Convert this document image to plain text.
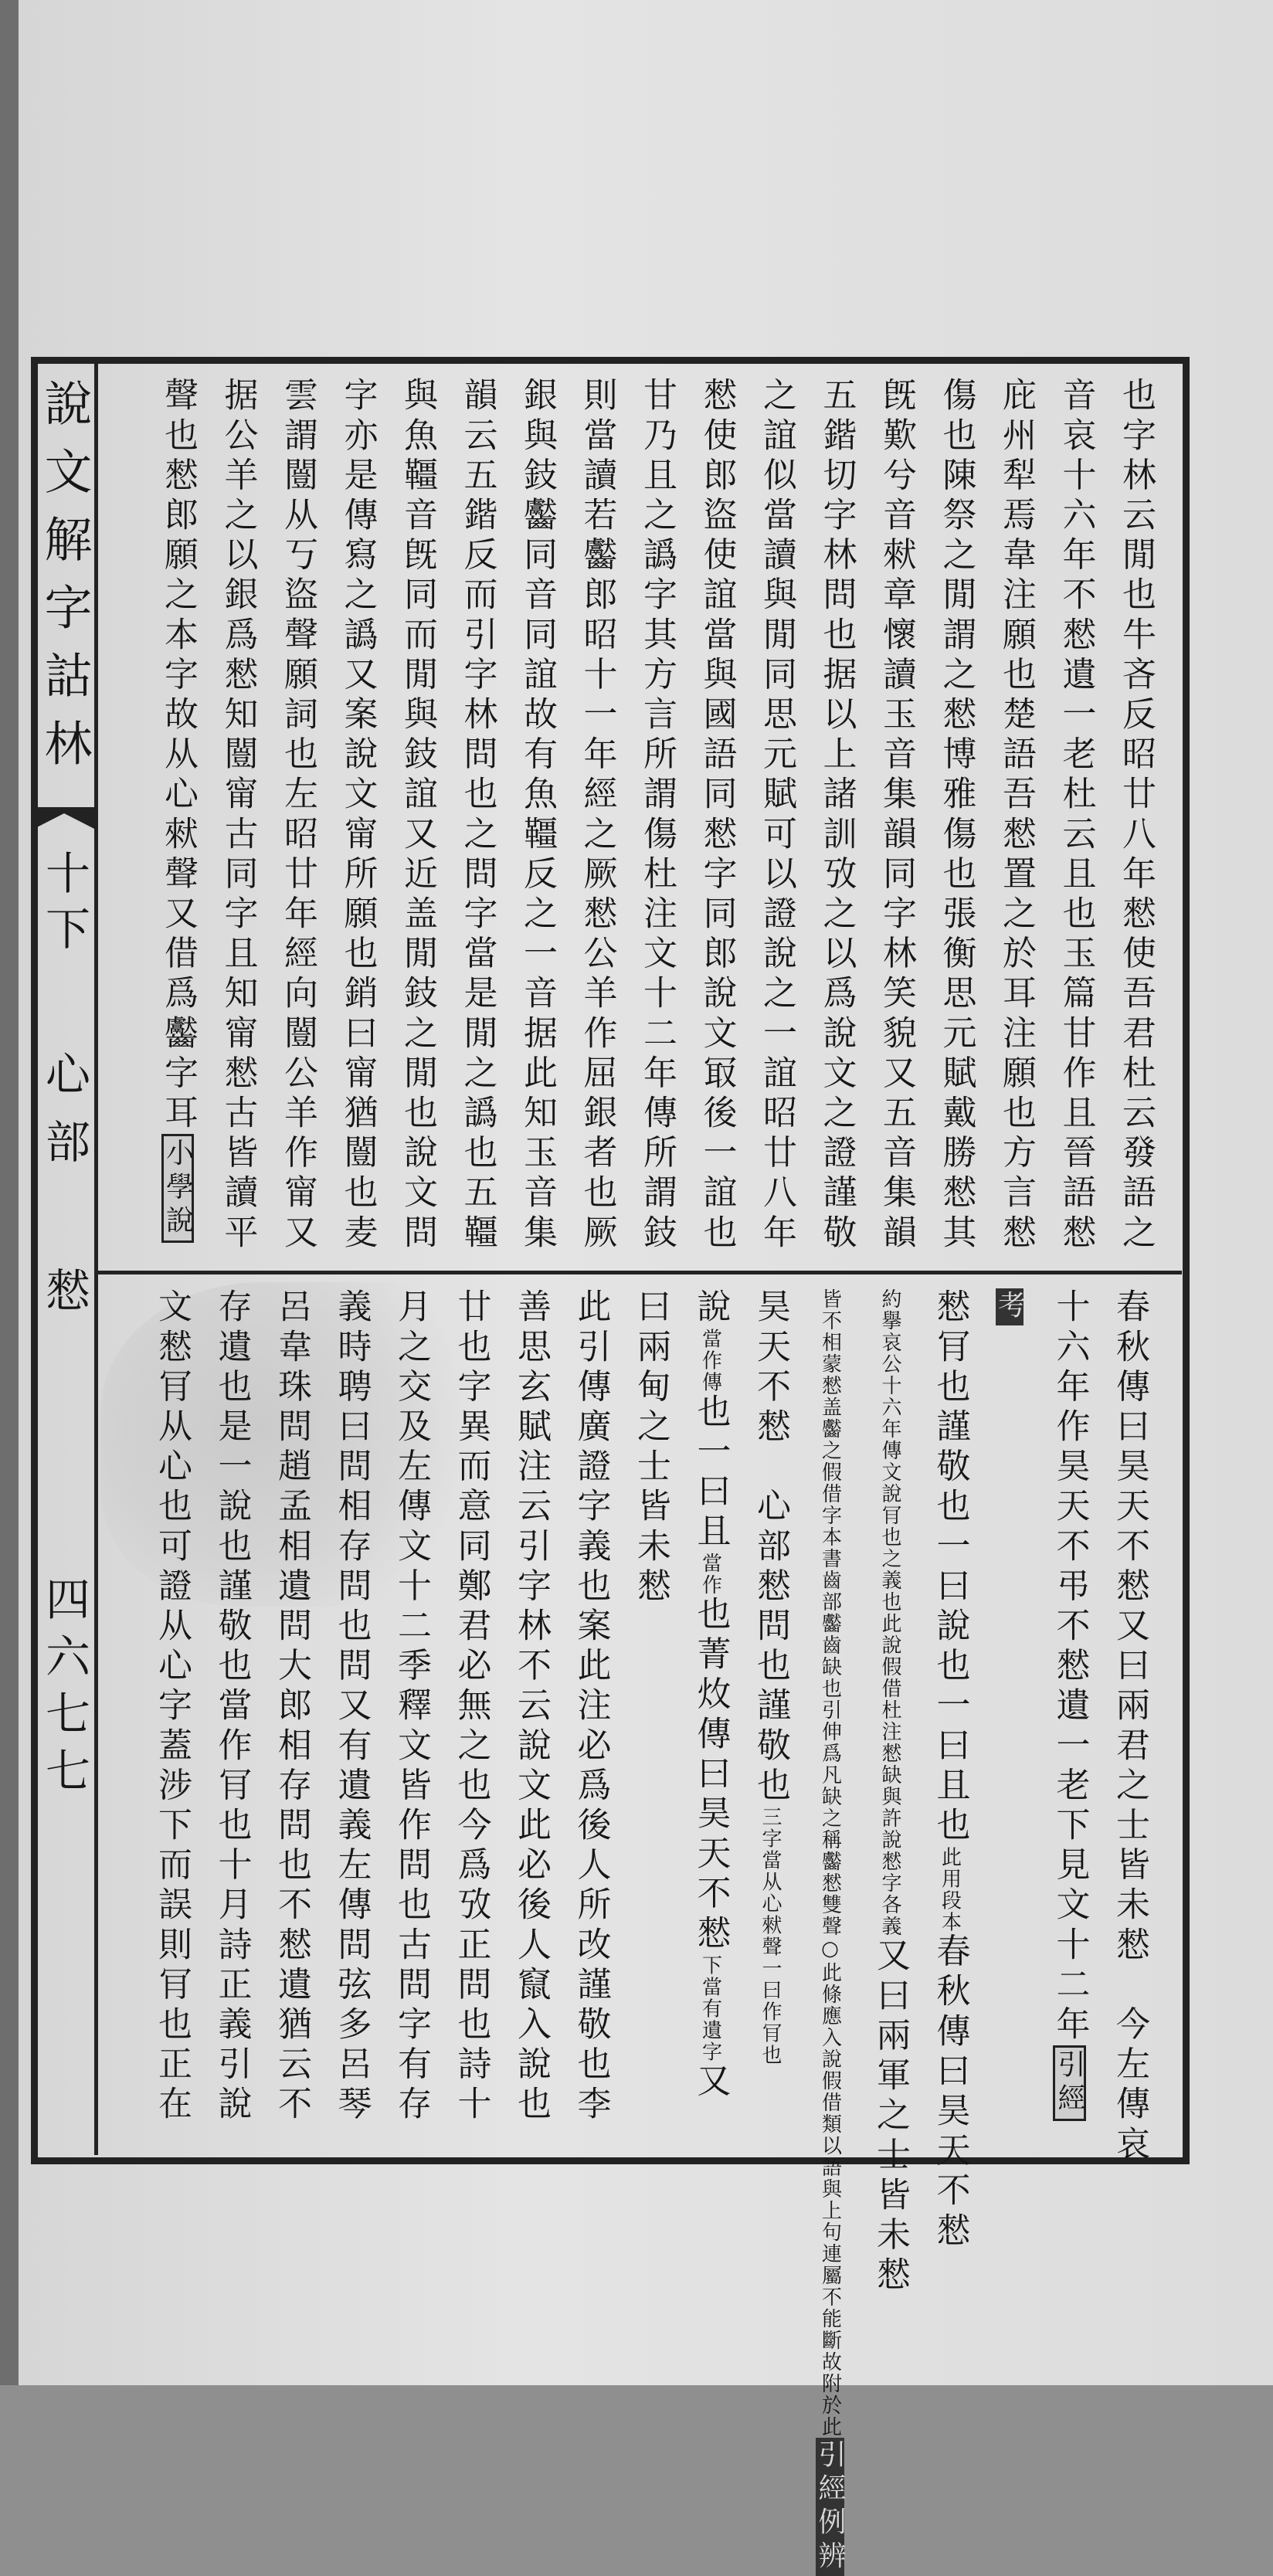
說文解字詁林
十下
心部
憖
四六七七
也字林云閒也牛吝反昭廿八年憖使吾君杜云發語之
音哀十六年不憖遺一老杜云且也玉篇甘作且晉語憖
庇州犁焉韋注願也楚語吾憖置之於耳注願也方言憖
傷也陳祭之閒謂之憖博雅傷也張衡思元賦戴勝憖其
旣歎兮音猌章懷讀玉音集韻同字林笑貌又五音集韻
五鍇切字林問也据以上諸訓攷之以爲說文之證謹敬
之誼似當讀與閒同思元賦可以證說之一誼昭廿八年
憖使郎盜使誼當與國語同憖字同郎說文冣後一誼也
甘乃且之譌字其方言所謂傷杜注文十二年傳所謂鈘
則當讀若齾郎昭十一年經之厥憖公羊作屈銀者也厥
銀與鈘齾同音同誼故有魚韁反之一音据此知玉音集
韻云五鍇反而引字林問也之問字當是閒之譌也五韁
與魚韁音旣同而閒與鈘誼又近盖閒鈘之閒也說文問
字亦是傳寫之譌又案說文甯所願也銷曰甯猶闓也麦
雲謂闓从丂盜聲願詞也左昭廿年經向闓公羊作甯又
据公羊之以銀爲憖知闓甯古同字且知甯憖古皆讀平
聲也憖郎願之本字故从心猌聲又借爲齾字耳小學說
春秋傳曰昊天不憖又曰兩君之士皆未憖　今左傳哀
十六年作昊天不弔不憖遺一老下見文十二年引經
考
憖肎也謹敬也一曰說也一曰且也此用段本春秋傳曰昊天不憖
約擧哀公十六年傳文說肎也之義也此說假借杜注憖缺與許說憖字各義又曰兩軍之士皆未憖
皆不相蒙憖盖齾之假借字本書齒部齾齒缺也引伸爲凡缺之稱齾憖雙聲○此條應入說假借類以語與上句連屬不能斷故附於此引經例辨
昊天不憖　心部憖問也謹敬也三字當从心猌聲一曰作肎也
說當作傳也一曰且當作也菁炇傳曰昊天不憖下當有遺字又
曰兩甸之士皆未憖
此引傳廣證字義也案此注必爲後人所改謹敬也李
善思玄賦注云引字林不云說文此必後人竄入說也
廿也字異而意同鄭君必無之也今爲攷正問也詩十
月之交及左傳文十二季釋文皆作問也古問字有存
義時聘曰問相存問也問又有遺義左傳問弦多呂琴
呂韋珠問趙孟相遺問大郎相存問也不憖遺猶云不
存遺也是一說也謹敬也當作肎也十月詩正義引說
文憖肎从心也可證从心字蓋涉下而誤則肎也正在
